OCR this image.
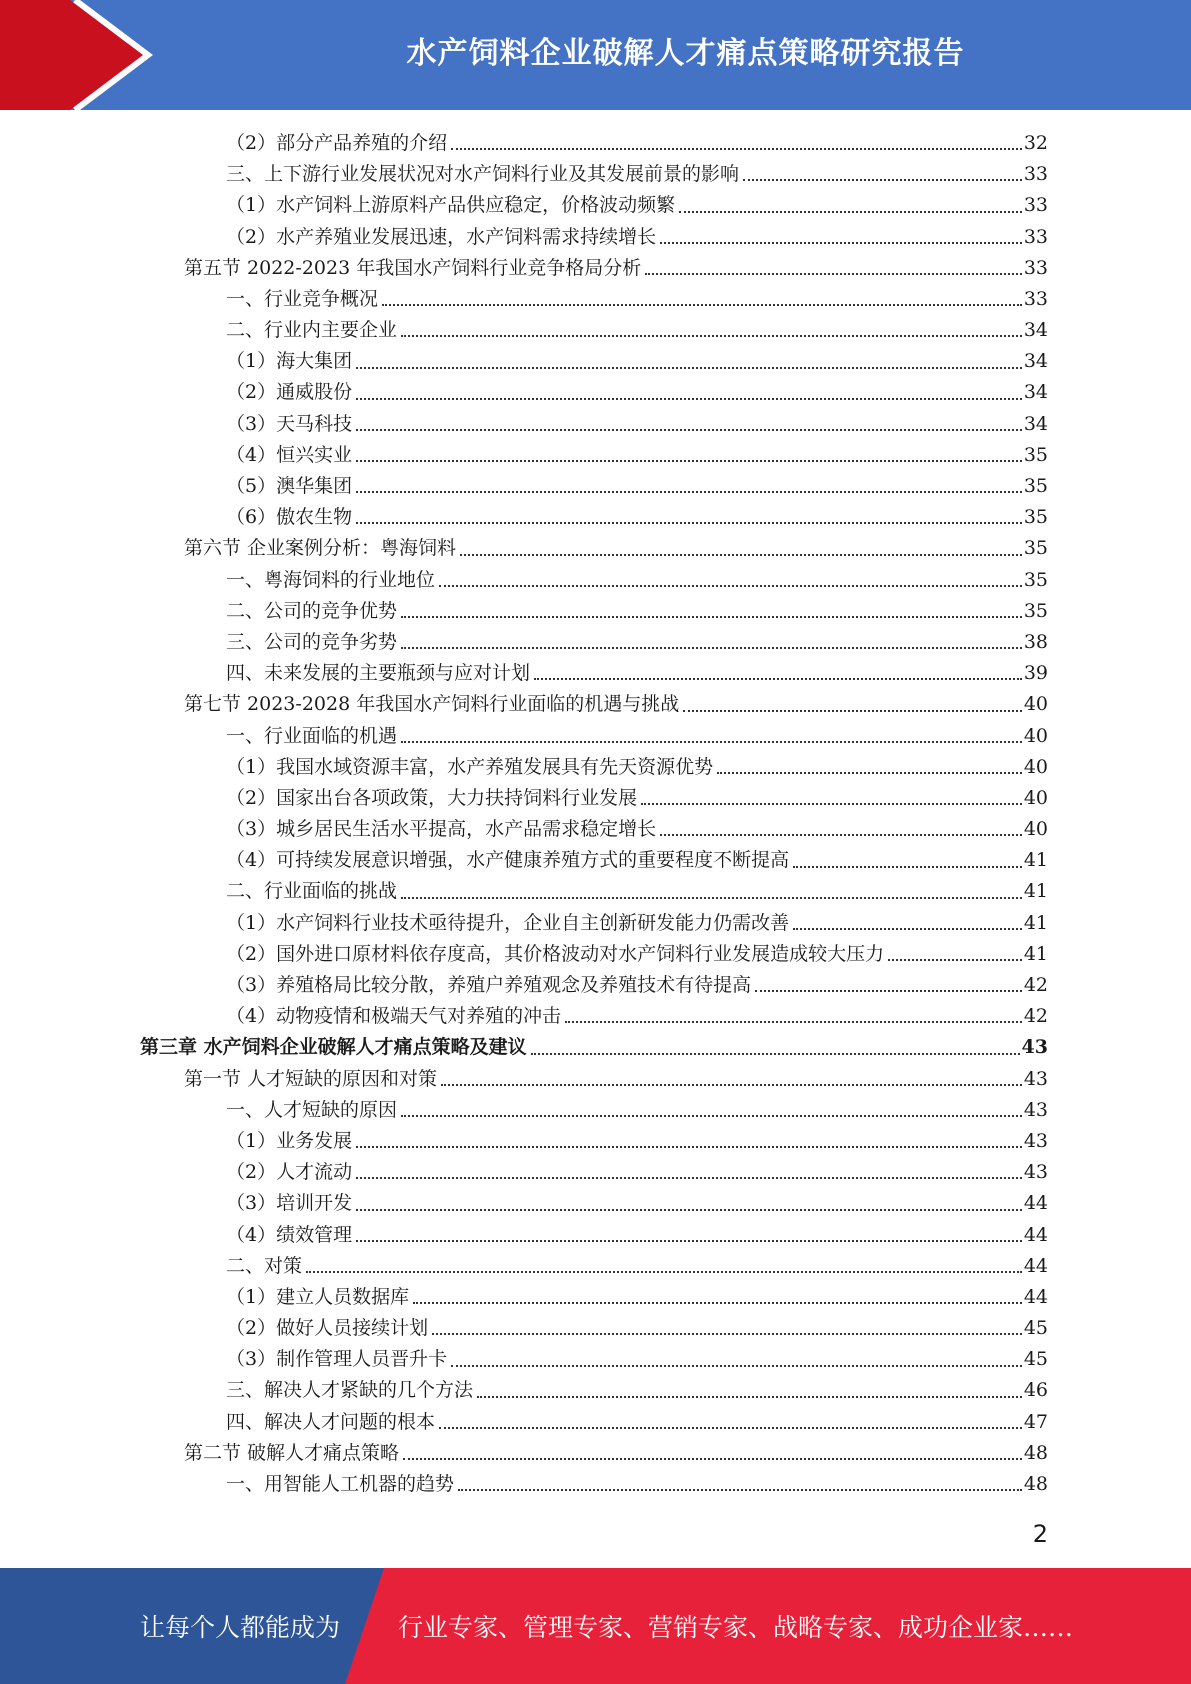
水产饲料企业破解人才痛点策略研究报告
（2）部分产品养殖的介绍	32
三、上下游行业发展状况对水产饲料行业及其发展前景的影响	33
（1）水产饲料上游原料产品供应稳定，价格波动频繁	33
（2）水产养殖业发展迅速，水产饲料需求持续增长	33
第五节 2022-2023 年我国水产饲料行业竞争格局分析	33
一、行业竞争概况	33
二、行业内主要企业	34
（1）海大集团	34
（2）通威股份	34
（3）天马科技	34
（4）恒兴实业	35
（5）澳华集团	35
（6）傲农生物	35
第六节 企业案例分析：粤海饲料	35
一、粤海饲料的行业地位	35
二、公司的竞争优势	35
三、公司的竞争劣势	38
四、未来发展的主要瓶颈与应对计划	39
第七节 2023-2028 年我国水产饲料行业面临的机遇与挑战	40
一、行业面临的机遇	40
（1）我国水域资源丰富，水产养殖发展具有先天资源优势	40
（2）国家出台各项政策，大力扶持饲料行业发展	40
（3）城乡居民生活水平提高，水产品需求稳定增长	40
（4）可持续发展意识增强，水产健康养殖方式的重要程度不断提高	41
二、行业面临的挑战	41
（1）水产饲料行业技术亟待提升，企业自主创新研发能力仍需改善	41
（2）国外进口原材料依存度高，其价格波动对水产饲料行业发展造成较大压力	41
（3）养殖格局比较分散，养殖户养殖观念及养殖技术有待提高	42
（4）动物疫情和极端天气对养殖的冲击	42
第三章 水产饲料企业破解人才痛点策略及建议	43
第一节 人才短缺的原因和对策	43
一、人才短缺的原因	43
（1）业务发展	43
（2）人才流动	43
（3）培训开发	44
（4）绩效管理	44
二、对策	44
（1）建立人员数据库	44
（2）做好人员接续计划	45
（3）制作管理人员晋升卡	45
三、解决人才紧缺的几个方法	46
四、解决人才问题的根本	47
第二节 破解人才痛点策略	48
一、用智能人工机器的趋势	48
2
让每个人都能成为 行业专家、管理专家、营销专家、战略专家、成功企业家……
